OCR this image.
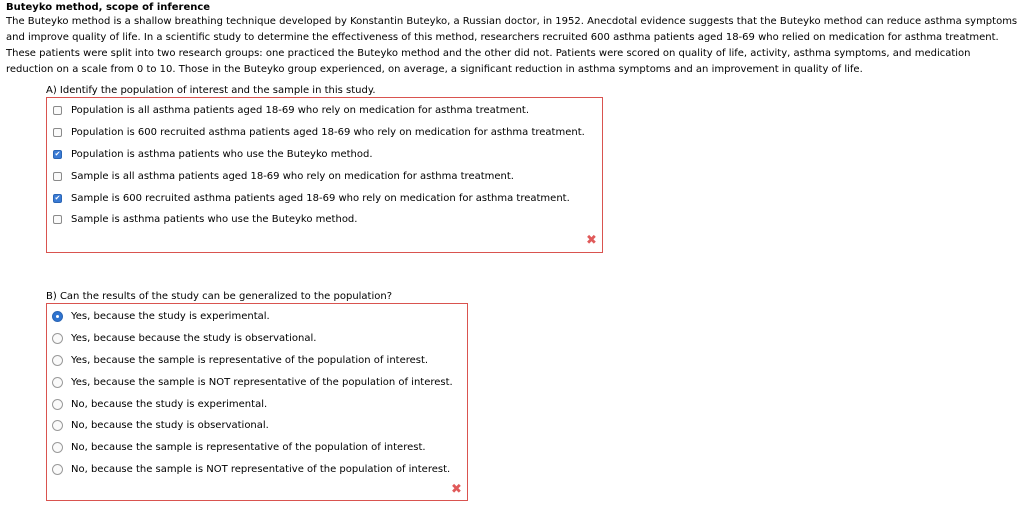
Buteyko method, scope of inference

The Buteyko method is a shallow breathing technique developed by Konstantin Buteyko, a Russian doctor, in 1952. Anecdotal evidence suggests that the Buteyko method can reduce asthma symptoms and improve quality of life. In a scientific study to determine the effectiveness of this method, researchers recruited 600 asthma patients aged 18-69 who relied on medication for asthma treatment. These patients were split into two research groups: one practiced the Buteyko method and the other did not. Patients were scored on quality of life, activity, asthma symptoms, and medication reduction on a scale from 0 to 10. Those in the Buteyko group experienced, on average, a significant reduction in asthma symptoms and an improvement in quality of life.

A) Identify the population of interest and the sample in this study.
Population is all asthma patients aged 18-69 who rely on medication for asthma treatment.
Population is 600 recruited asthma patients aged 18-69 who rely on medication for asthma treatment.
✔ Population is asthma patients who use the Buteyko method.
Sample is all asthma patients aged 18-69 who rely on medication for asthma treatment.
✔ Sample is 600 recruited asthma patients aged 18-69 who rely on medication for asthma treatment.
Sample is asthma patients who use the Buteyko method.
✖
B) Can the results of the study can be generalized to the population?
Yes, because the study is experimental.
Yes, because because the study is observational.
Yes, because the sample is representative of the population of interest.
Yes, because the sample is NOT representative of the population of interest.
No, because the study is experimental.
No, because the study is observational.
No, because the sample is representative of the population of interest.
No, because the sample is NOT representative of the population of interest.
✖
